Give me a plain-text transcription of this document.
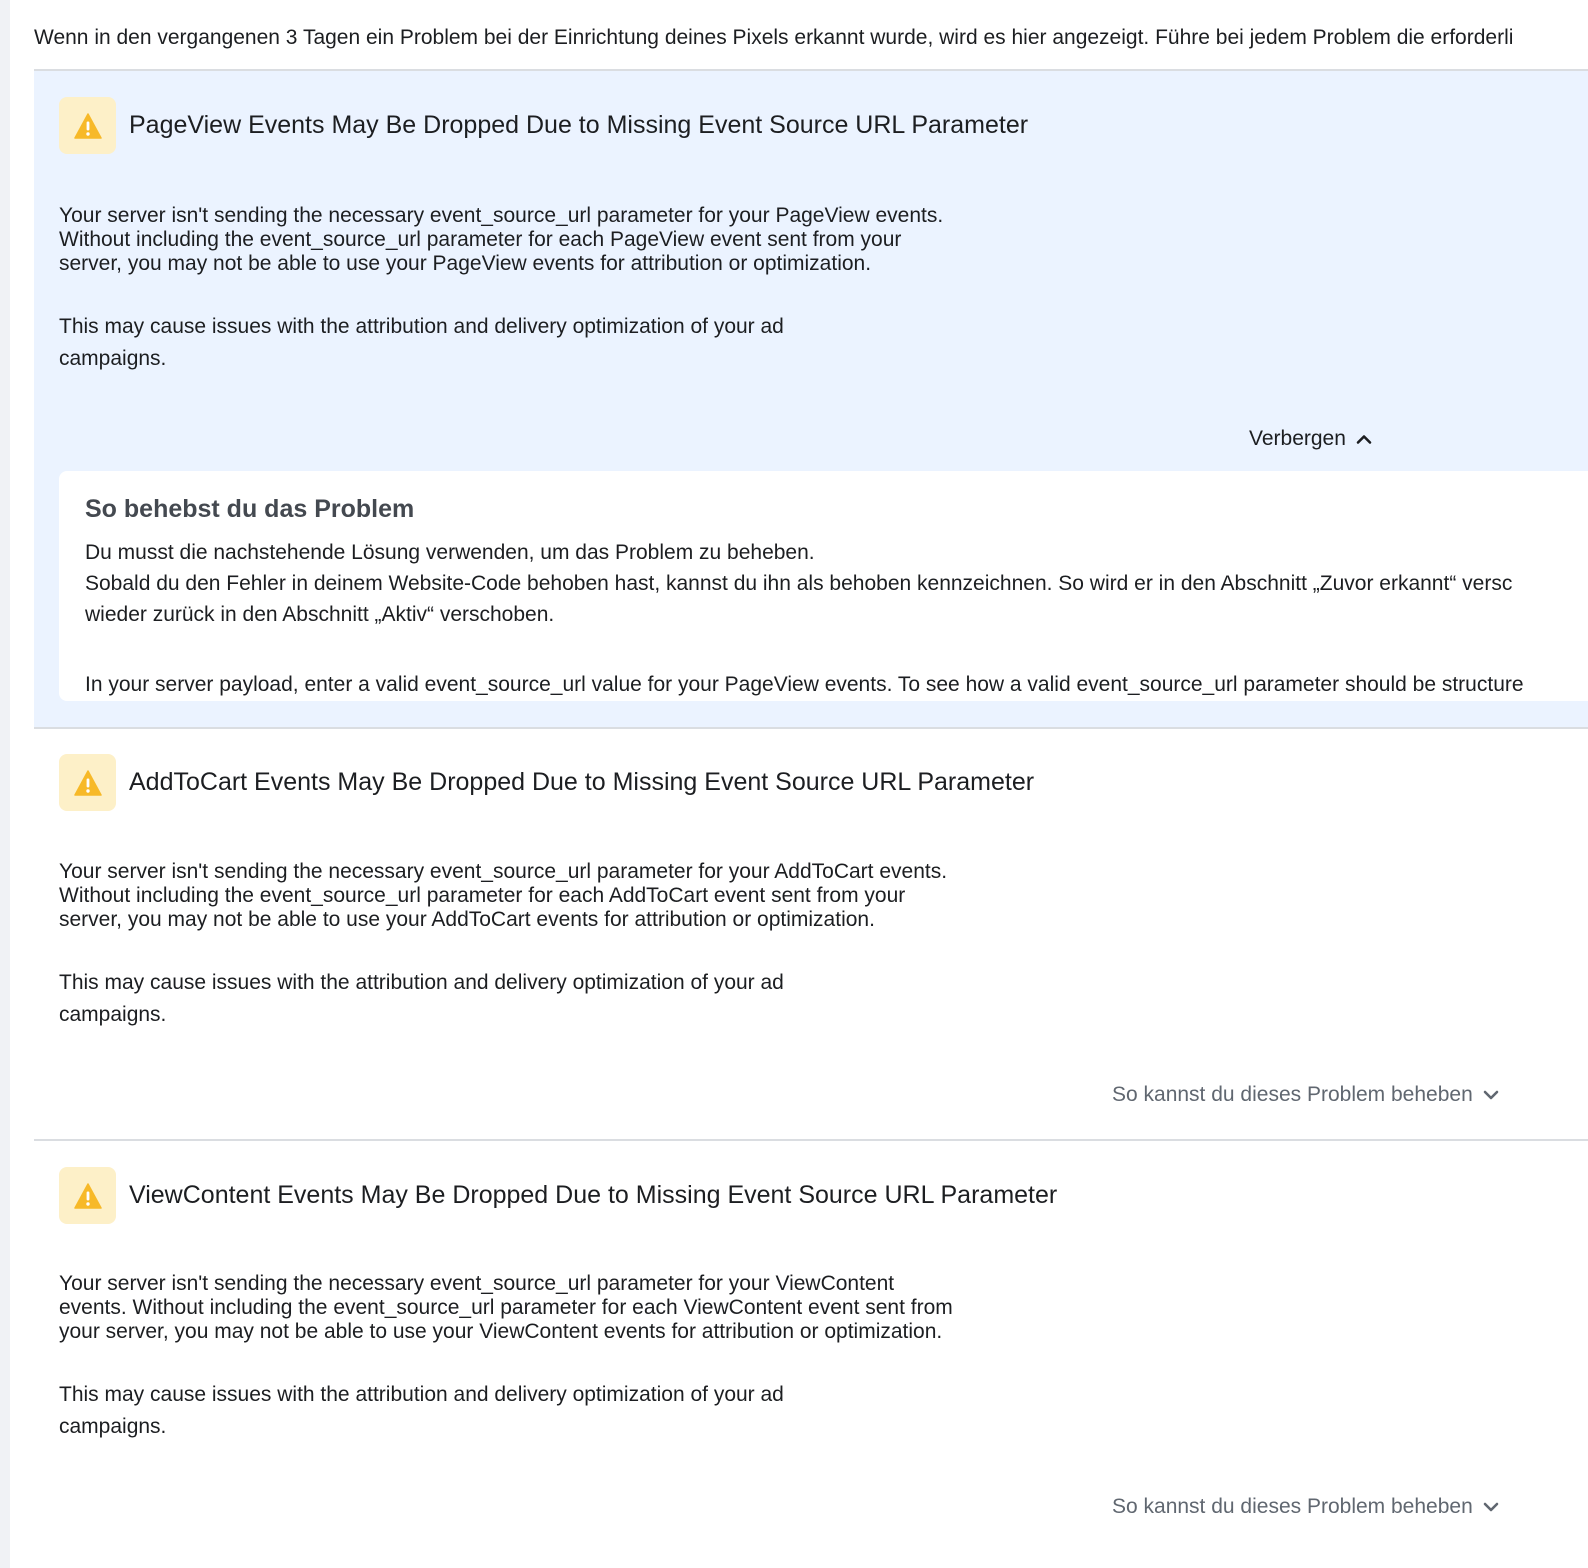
Wenn in den vergangenen 3 Tagen ein Problem bei der Einrichtung deines Pixels erkannt wurde, wird es hier angezeigt. Führe bei jedem Problem die erforderli
PageView Events May Be Dropped Due to Missing Event Source URL Parameter
Your server isn't sending the necessary event_source_url parameter for your PageView events. Without including the event_source_url parameter for each PageView event sent from your server, you may not be able to use your PageView events for attribution or optimization.
This may cause issues with the attribution and delivery optimization of your ad campaigns.
Verbergen
So behebst du das Problem
Du musst die nachstehende Lösung verwenden, um das Problem zu beheben.
Sobald du den Fehler in deinem Website-Code behoben hast, kannst du ihn als behoben kennzeichnen. So wird er in den Abschnitt „Zuvor erkannt“ versc
wieder zurück in den Abschnitt „Aktiv“ verschoben.
In your server payload, enter a valid event_source_url value for your PageView events. To see how a valid event_source_url parameter should be structure
AddToCart Events May Be Dropped Due to Missing Event Source URL Parameter
Your server isn't sending the necessary event_source_url parameter for your AddToCart events. Without including the event_source_url parameter for each AddToCart event sent from your server, you may not be able to use your AddToCart events for attribution or optimization.
This may cause issues with the attribution and delivery optimization of your ad campaigns.
So kannst du dieses Problem beheben
ViewContent Events May Be Dropped Due to Missing Event Source URL Parameter
Your server isn't sending the necessary event_source_url parameter for your ViewContent events. Without including the event_source_url parameter for each ViewContent event sent from your server, you may not be able to use your ViewContent events for attribution or optimization.
This may cause issues with the attribution and delivery optimization of your ad campaigns.
So kannst du dieses Problem beheben
